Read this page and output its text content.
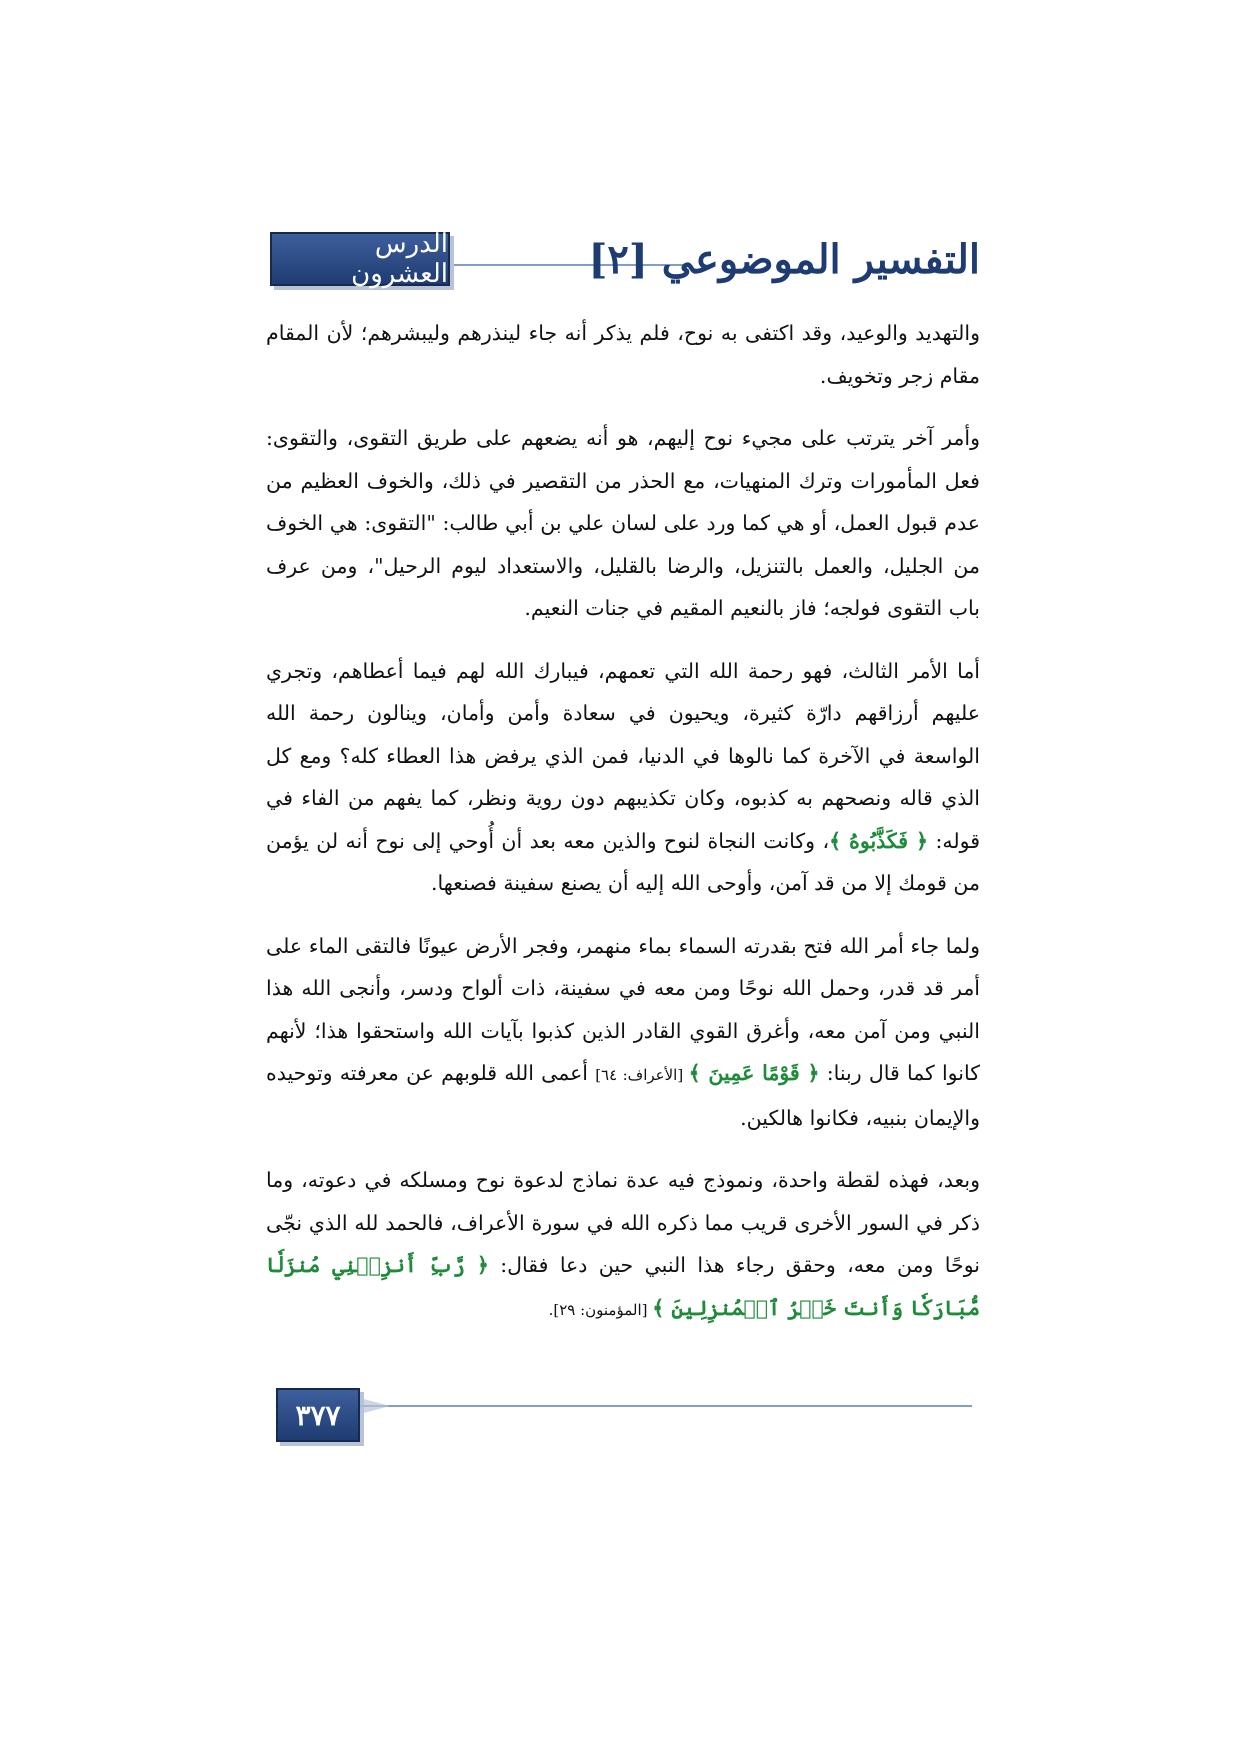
الدرس العشرون	التفسير الموضوعي [٢]

والتهديد والوعيد، وقد اكتفى به نوح، فلم يذكر أنه جاء لينذرهم وليبشرهم؛ لأن المقام مقام زجر وتخويف.

وأمر آخر يترتب على مجيء نوح إليهم، هو أنه يضعهم على طريق التقوى، والتقوى: فعل المأمورات وترك المنهيات، مع الحذر من التقصير في ذلك، والخوف العظيم من عدم قبول العمل، أو هي كما ورد على لسان علي بن أبي طالب: "التقوى: هي الخوف من الجليل، والعمل بالتنزيل، والرضا بالقليل، والاستعداد ليوم الرحيل"، ومن عرف باب التقوى فولجه؛ فاز بالنعيم المقيم في جنات النعيم.

أما الأمر الثالث، فهو رحمة الله التي تعمهم، فيبارك الله لهم فيما أعطاهم، وتجري عليهم أرزاقهم دارّة كثيرة، ويحيون في سعادة وأمن وأمان، وينالون رحمة الله الواسعة في الآخرة كما نالوها في الدنيا، فمن الذي يرفض هذا العطاء كله؟ ومع كل الذي قاله ونصحهم به كذبوه، وكان تكذيبهم دون روية ونظر، كما يفهم من الفاء في قوله: ﴿ فَكَذَّبُوهُ ﴾، وكانت النجاة لنوح والذين معه بعد أن أُوحي إلى نوح أنه لن يؤمن من قومك إلا من قد آمن، وأوحى الله إليه أن يصنع سفينة فصنعها.

ولما جاء أمر الله فتح بقدرته السماء بماء منهمر، وفجر الأرض عيونًا فالتقى الماء على أمر قد قدر، وحمل الله نوحًا ومن معه في سفينة، ذات ألواح ودسر، وأنجى الله هذا النبي ومن آمن معه، وأغرق القوي القادر الذين كذبوا بآيات الله واستحقوا هذا؛ لأنهم كانوا كما قال ربنا: ﴿ قَوْمًا عَمِينَ ﴾ [الأعراف: ٦٤] أعمى الله قلوبهم عن معرفته وتوحيده والإيمان بنبيه، فكانوا هالكين.

وبعد، فهذه لقطة واحدة، ونموذج فيه عدة نماذج لدعوة نوح ومسلكه في دعوته، وما ذكر في السور الأخرى قريب مما ذكره الله في سورة الأعراف، فالحمد لله الذي نجّى نوحًا ومن معه، وحقق رجاء هذا النبي حين دعا فقال: ﴿ رَّبِّ أَنزِلۡنِي مُنزَلٗا مُّبَارَكٗا وَأَنتَ خَيۡرُ ٱلۡمُنزِلِينَ ﴾ [المؤمنون: ٢٩].

٣٧٧
